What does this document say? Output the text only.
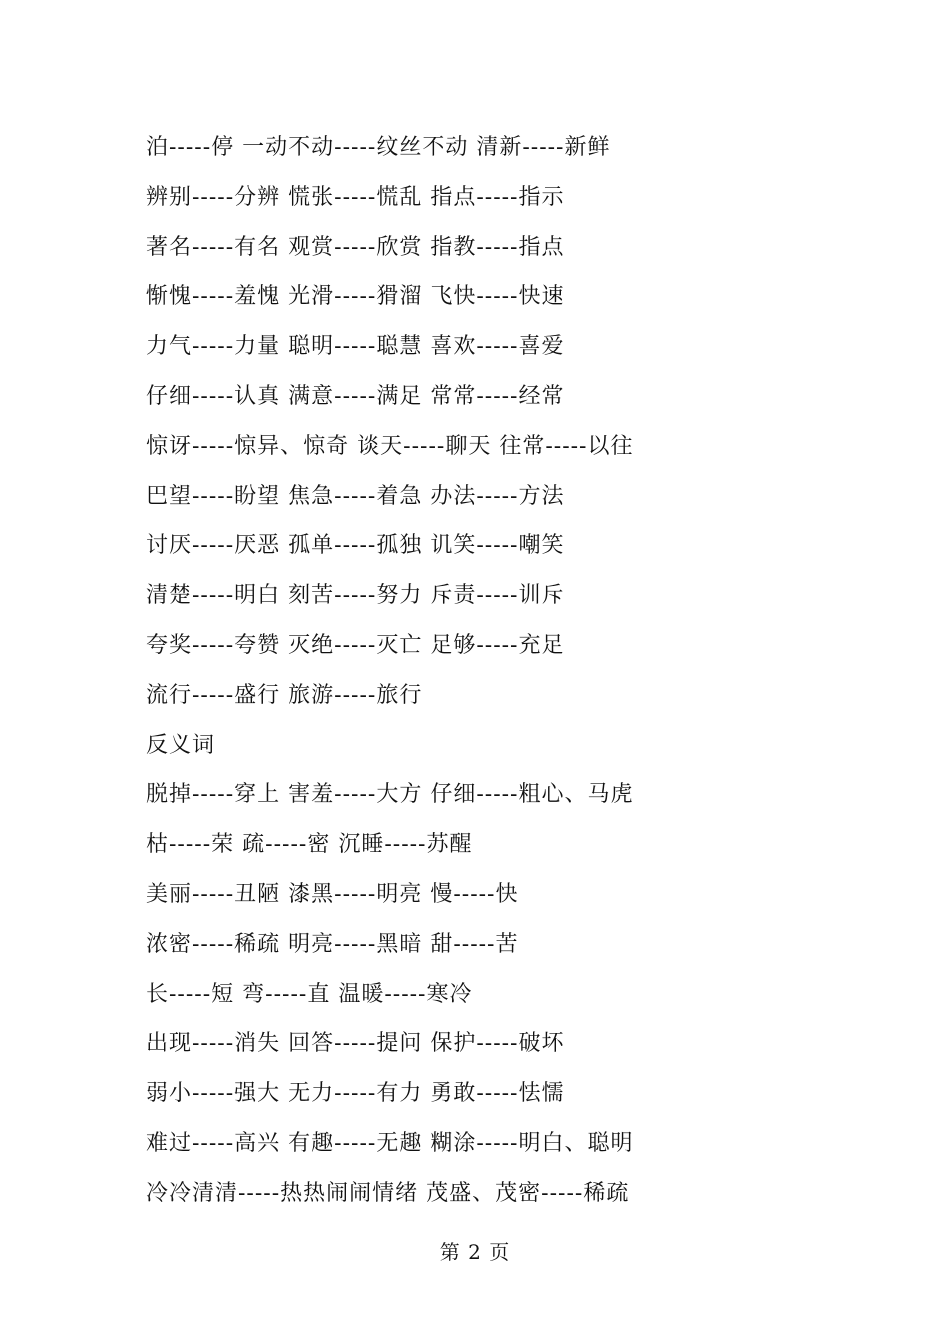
泊-----停 一动不动-----纹丝不动 清新-----新鲜
辨别-----分辨 慌张-----慌乱 指点-----指示
著名-----有名 观赏-----欣赏 指教-----指点
惭愧-----羞愧 光滑-----猾溜 飞快-----快速
力气-----力量 聪明-----聪慧 喜欢-----喜爱
仔细-----认真 满意-----满足 常常-----经常
惊讶-----惊异、惊奇 谈天-----聊天 往常-----以往
巴望-----盼望 焦急-----着急 办法-----方法
讨厌-----厌恶 孤单-----孤独 讥笑-----嘲笑
清楚-----明白 刻苦-----努力 斥责-----训斥
夸奖-----夸赞 灭绝-----灭亡 足够-----充足
流行-----盛行 旅游-----旅行
反义词
脱掉-----穿上 害羞-----大方 仔细-----粗心、马虎
枯-----荣 疏-----密 沉睡-----苏醒
美丽-----丑陋 漆黑-----明亮 慢-----快
浓密-----稀疏 明亮-----黑暗 甜-----苦
长-----短 弯-----直 温暖-----寒冷
出现-----消失 回答-----提问 保护-----破坏
弱小-----强大 无力-----有力 勇敢-----怯懦
难过-----高兴 有趣-----无趣 糊涂-----明白、聪明
冷冷清清-----热热闹闹情绪 茂盛、茂密-----稀疏
第 2 页
